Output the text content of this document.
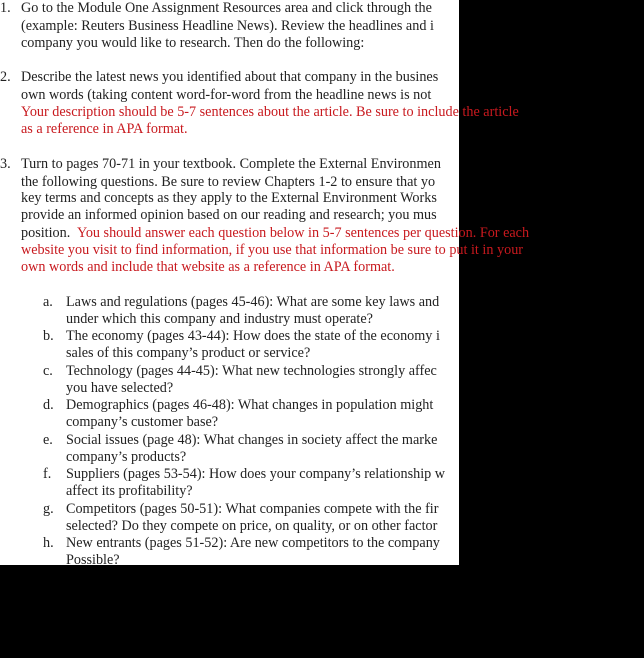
1. Go to the Module One Assignment Resources area and click through the
(example: Reuters Business Headline News). Review the headlines and i
company you would like to research. Then do the following:
2. Describe the latest news you identified about that company in the busines
own words (taking content word-for-word from the headline news is not
3. Turn to pages 70-71 in your textbook. Complete the External Environmen
the following questions. Be sure to review Chapters 1-2 to ensure that yo
key terms and concepts as they apply to the External Environment Works
provide an informed opinion based on our reading and research; you mus
position.
a. Laws and regulations (pages 45-46): What are some key laws and
under which this company and industry must operate?
b. The economy (pages 43-44): How does the state of the economy i
sales of this company’s product or service?
c. Technology (pages 44-45): What new technologies strongly affec
you have selected?
d. Demographics (pages 46-48): What changes in population might
company’s customer base?
e. Social issues (page 48): What changes in society affect the marke
company’s products?
f. Suppliers (pages 53-54): How does your company’s relationship w
affect its profitability?
g. Competitors (pages 50-51): What companies compete with the fir
selected? Do they compete on price, on quality, or on other factor
h. New entrants (pages 51-52): Are new competitors to the company
Possible?
Your description should be 5-7 sentences about the article. Be sure to include the article
as a reference in APA format.
You should answer each question below in 5-7 sentences per question. For each
website you visit to find information, if you use that information be sure to put it in your
own words and include that website as a reference in APA format.
